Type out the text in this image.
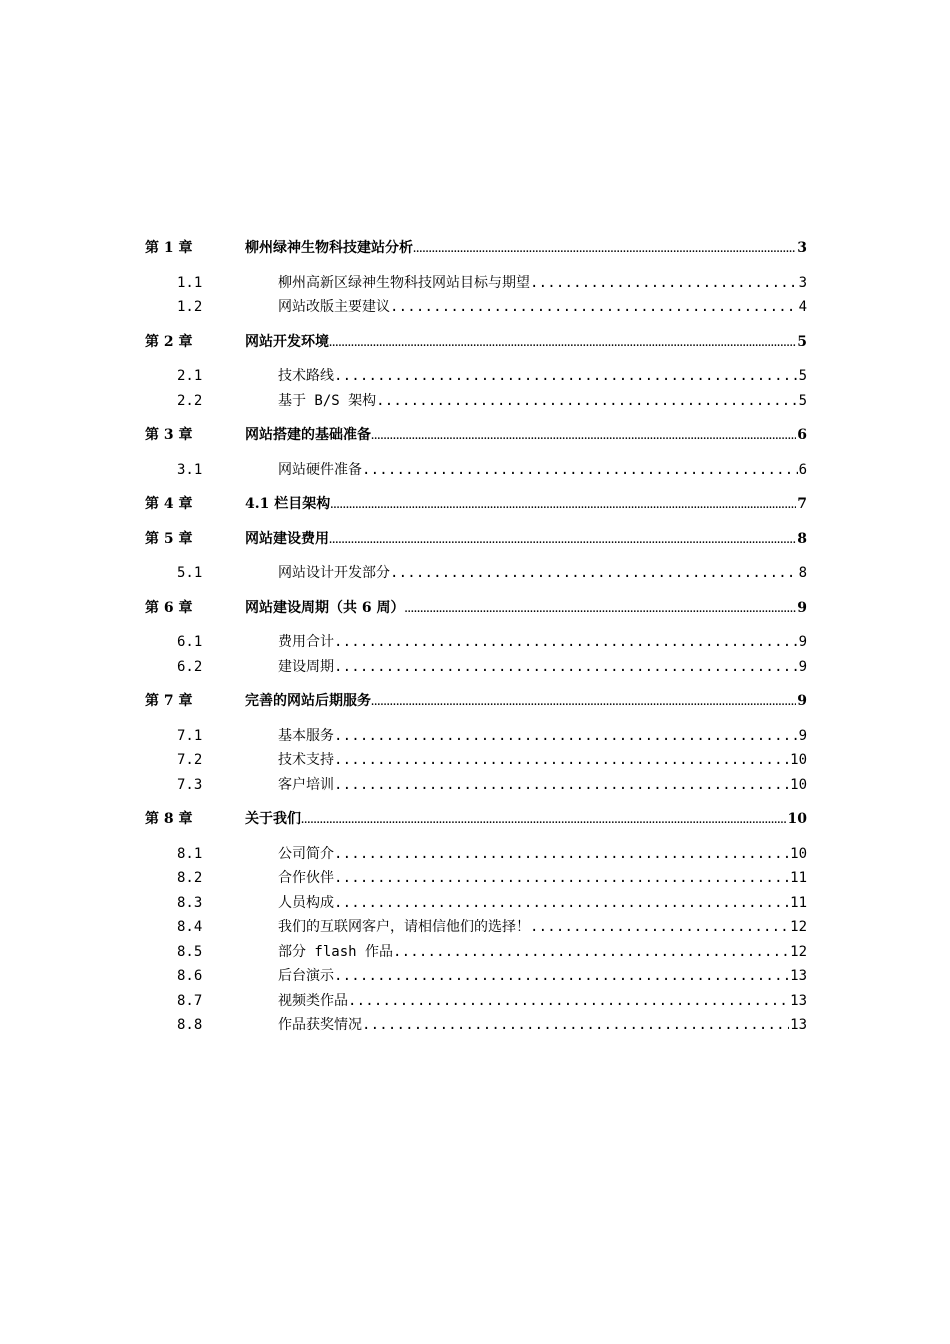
第 1 章	柳州绿神生物科技建站分析 .....	3
1.1	柳州高新区绿神生物科技网站目标与期望 .....	3
1.2	网站改版主要建议 .....	4
第 2 章	网站开发环境 .....	5
2.1	技术路线 .....	5
2.2	基于 B/S 架构 .....	5
第 3 章	网站搭建的基础准备 .....	6
3.1	网站硬件准备 .....	6
第 4 章	4.1 栏目架构 .....	7
第 5 章	网站建设费用 .....	8
5.1	网站设计开发部分 .....	8
第 6 章	网站建设周期（共 6 周） .....	9
6.1	费用合计 .....	9
6.2	建设周期 .....	9
第 7 章	完善的网站后期服务 .....	9
7.1	基本服务 .....	9
7.2	技术支持 .....	10
7.3	客户培训 .....	10
第 8 章	关于我们 .....	10
8.1	公司简介 .....	10
8.2	合作伙伴 .....	11
8.3	人员构成 .....	11
8.4	我们的互联网客户，请相信他们的选择！ .....	12
8.5	部分 flash 作品 .....	12
8.6	后台演示 .....	13
8.7	视频类作品 .....	13
8.8	作品获奖情况 .....	13
